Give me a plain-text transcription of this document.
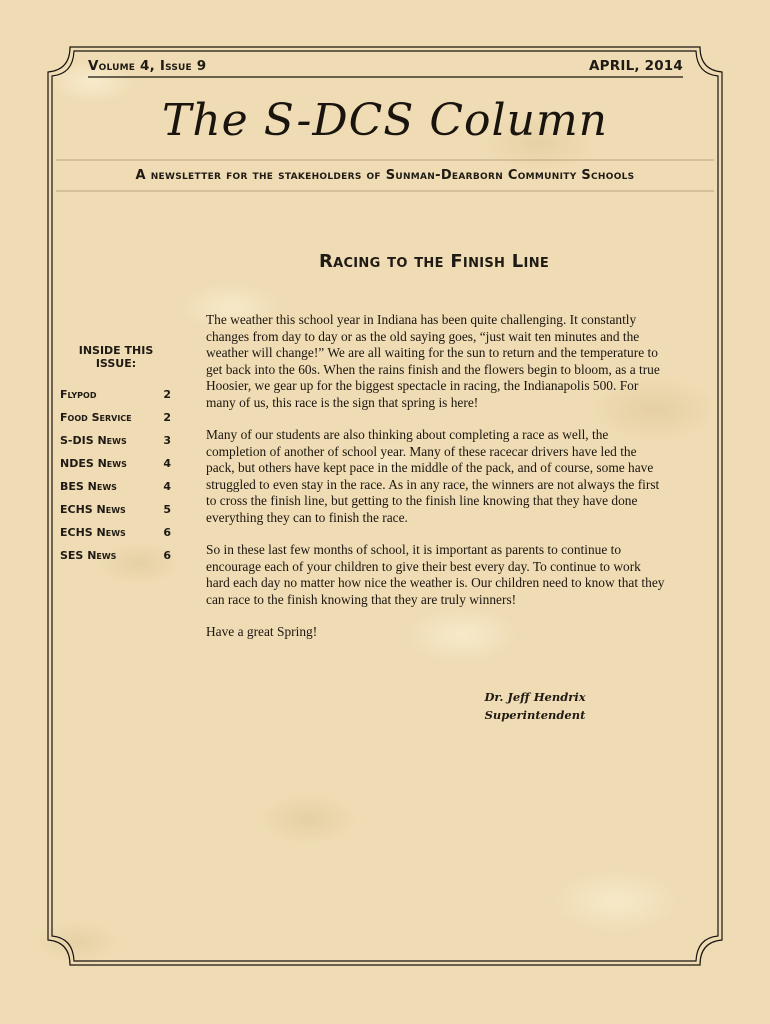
Volume 4, Issue 9	APRIL, 2014
The S-DCS Column
A newsletter for the stakeholders of Sunman-Dearborn Community Schools
Racing to the Finish Line
INSIDE THIS
ISSUE:
Flypod	2
Food Service	2
S-DIS News	3
NDES News	4
BES News	4
ECHS News	5
ECHS News	6
SES News	6

The weather this school year in Indiana has been quite challenging. It constantly changes from day to day or as the old saying goes, “just wait ten minutes and the weather will change!” We are all waiting for the sun to return and the temperature to get back into the 60s. When the rains finish and the flowers begin to bloom, as a true Hoosier, we gear up for the biggest spectacle in racing, the Indianapolis 500. For many of us, this race is the sign that spring is here!

Many of our students are also thinking about completing a race as well, the completion of another of school year. Many of these racecar drivers have led the pack, but others have kept pace in the middle of the pack, and of course, some have struggled to even stay in the race. As in any race, the winners are not always the first to cross the finish line, but getting to the finish line knowing that they have done everything they can to finish the race.

So in these last few months of school, it is important as parents to continue to encourage each of your children to give their best every day. To continue to work hard each day no matter how nice the weather is. Our children need to know that they can race to the finish knowing that they are truly winners!

Have a great Spring!

Dr. Jeff Hendrix
Superintendent
